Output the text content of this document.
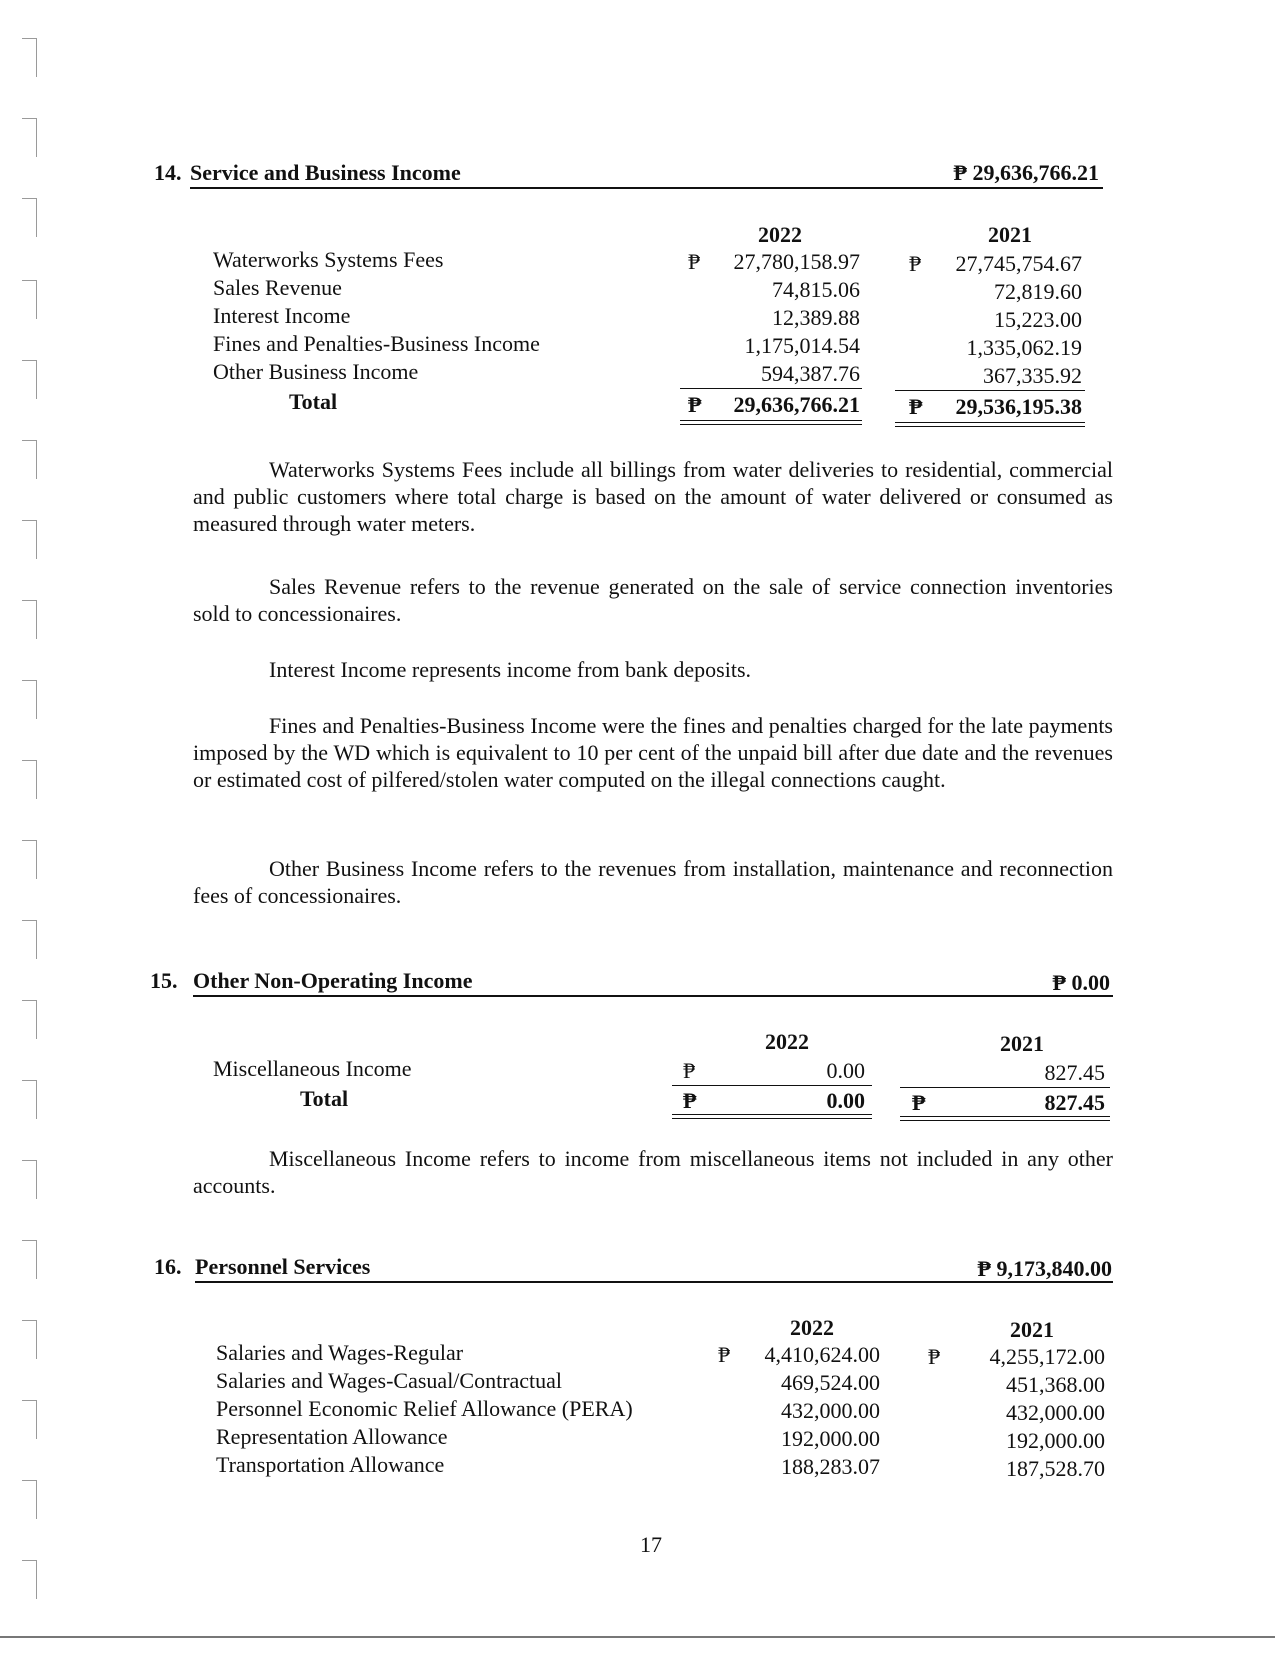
14. Service and Business Income	₱ 29,636,766.21
2022	2021
Waterworks Systems Fees	₱	27,780,158.97 ₱	27,745,754.67
Sales Revenue	74,815.06	72,819.60
Interest Income	12,389.88	15,223.00
Fines and Penalties-Business Income	1,175,014.54	1,335,062.19
Other Business Income	594,387.76	367,335.92
Total	₱	29,636,766.21 ₱	29,536,195.38

Waterworks Systems Fees include all billings from water deliveries to residential, commercial and public customers where total charge is based on the amount of water delivered or consumed as measured through water meters.

Sales Revenue refers to the revenue generated on the sale of service connection inventories sold to concessionaires.

Interest Income represents income from bank deposits.

Fines and Penalties-Business Income were the fines and penalties charged for the late payments imposed by the WD which is equivalent to 10 per cent of the unpaid bill after due date and the revenues or estimated cost of pilfered/stolen water computed on the illegal connections caught.

Other Business Income refers to the revenues from installation, maintenance and reconnection fees of concessionaires.

15. Other Non-Operating Income	₱ 0.00
2022	2021
Miscellaneous Income	₱	0.00	827.45
Total	₱	0.00 ₱	827.45

Miscellaneous Income refers to income from miscellaneous items not included in any other accounts.

16. Personnel Services	₱ 9,173,840.00
2022	2021
Salaries and Wages-Regular	₱	4,410,624.00 ₱	4,255,172.00
Salaries and Wages-Casual/Contractual	469,524.00	451,368.00
Personnel Economic Relief Allowance (PERA)	432,000.00	432,000.00
Representation Allowance	192,000.00	192,000.00
Transportation Allowance	188,283.07	187,528.70
17
